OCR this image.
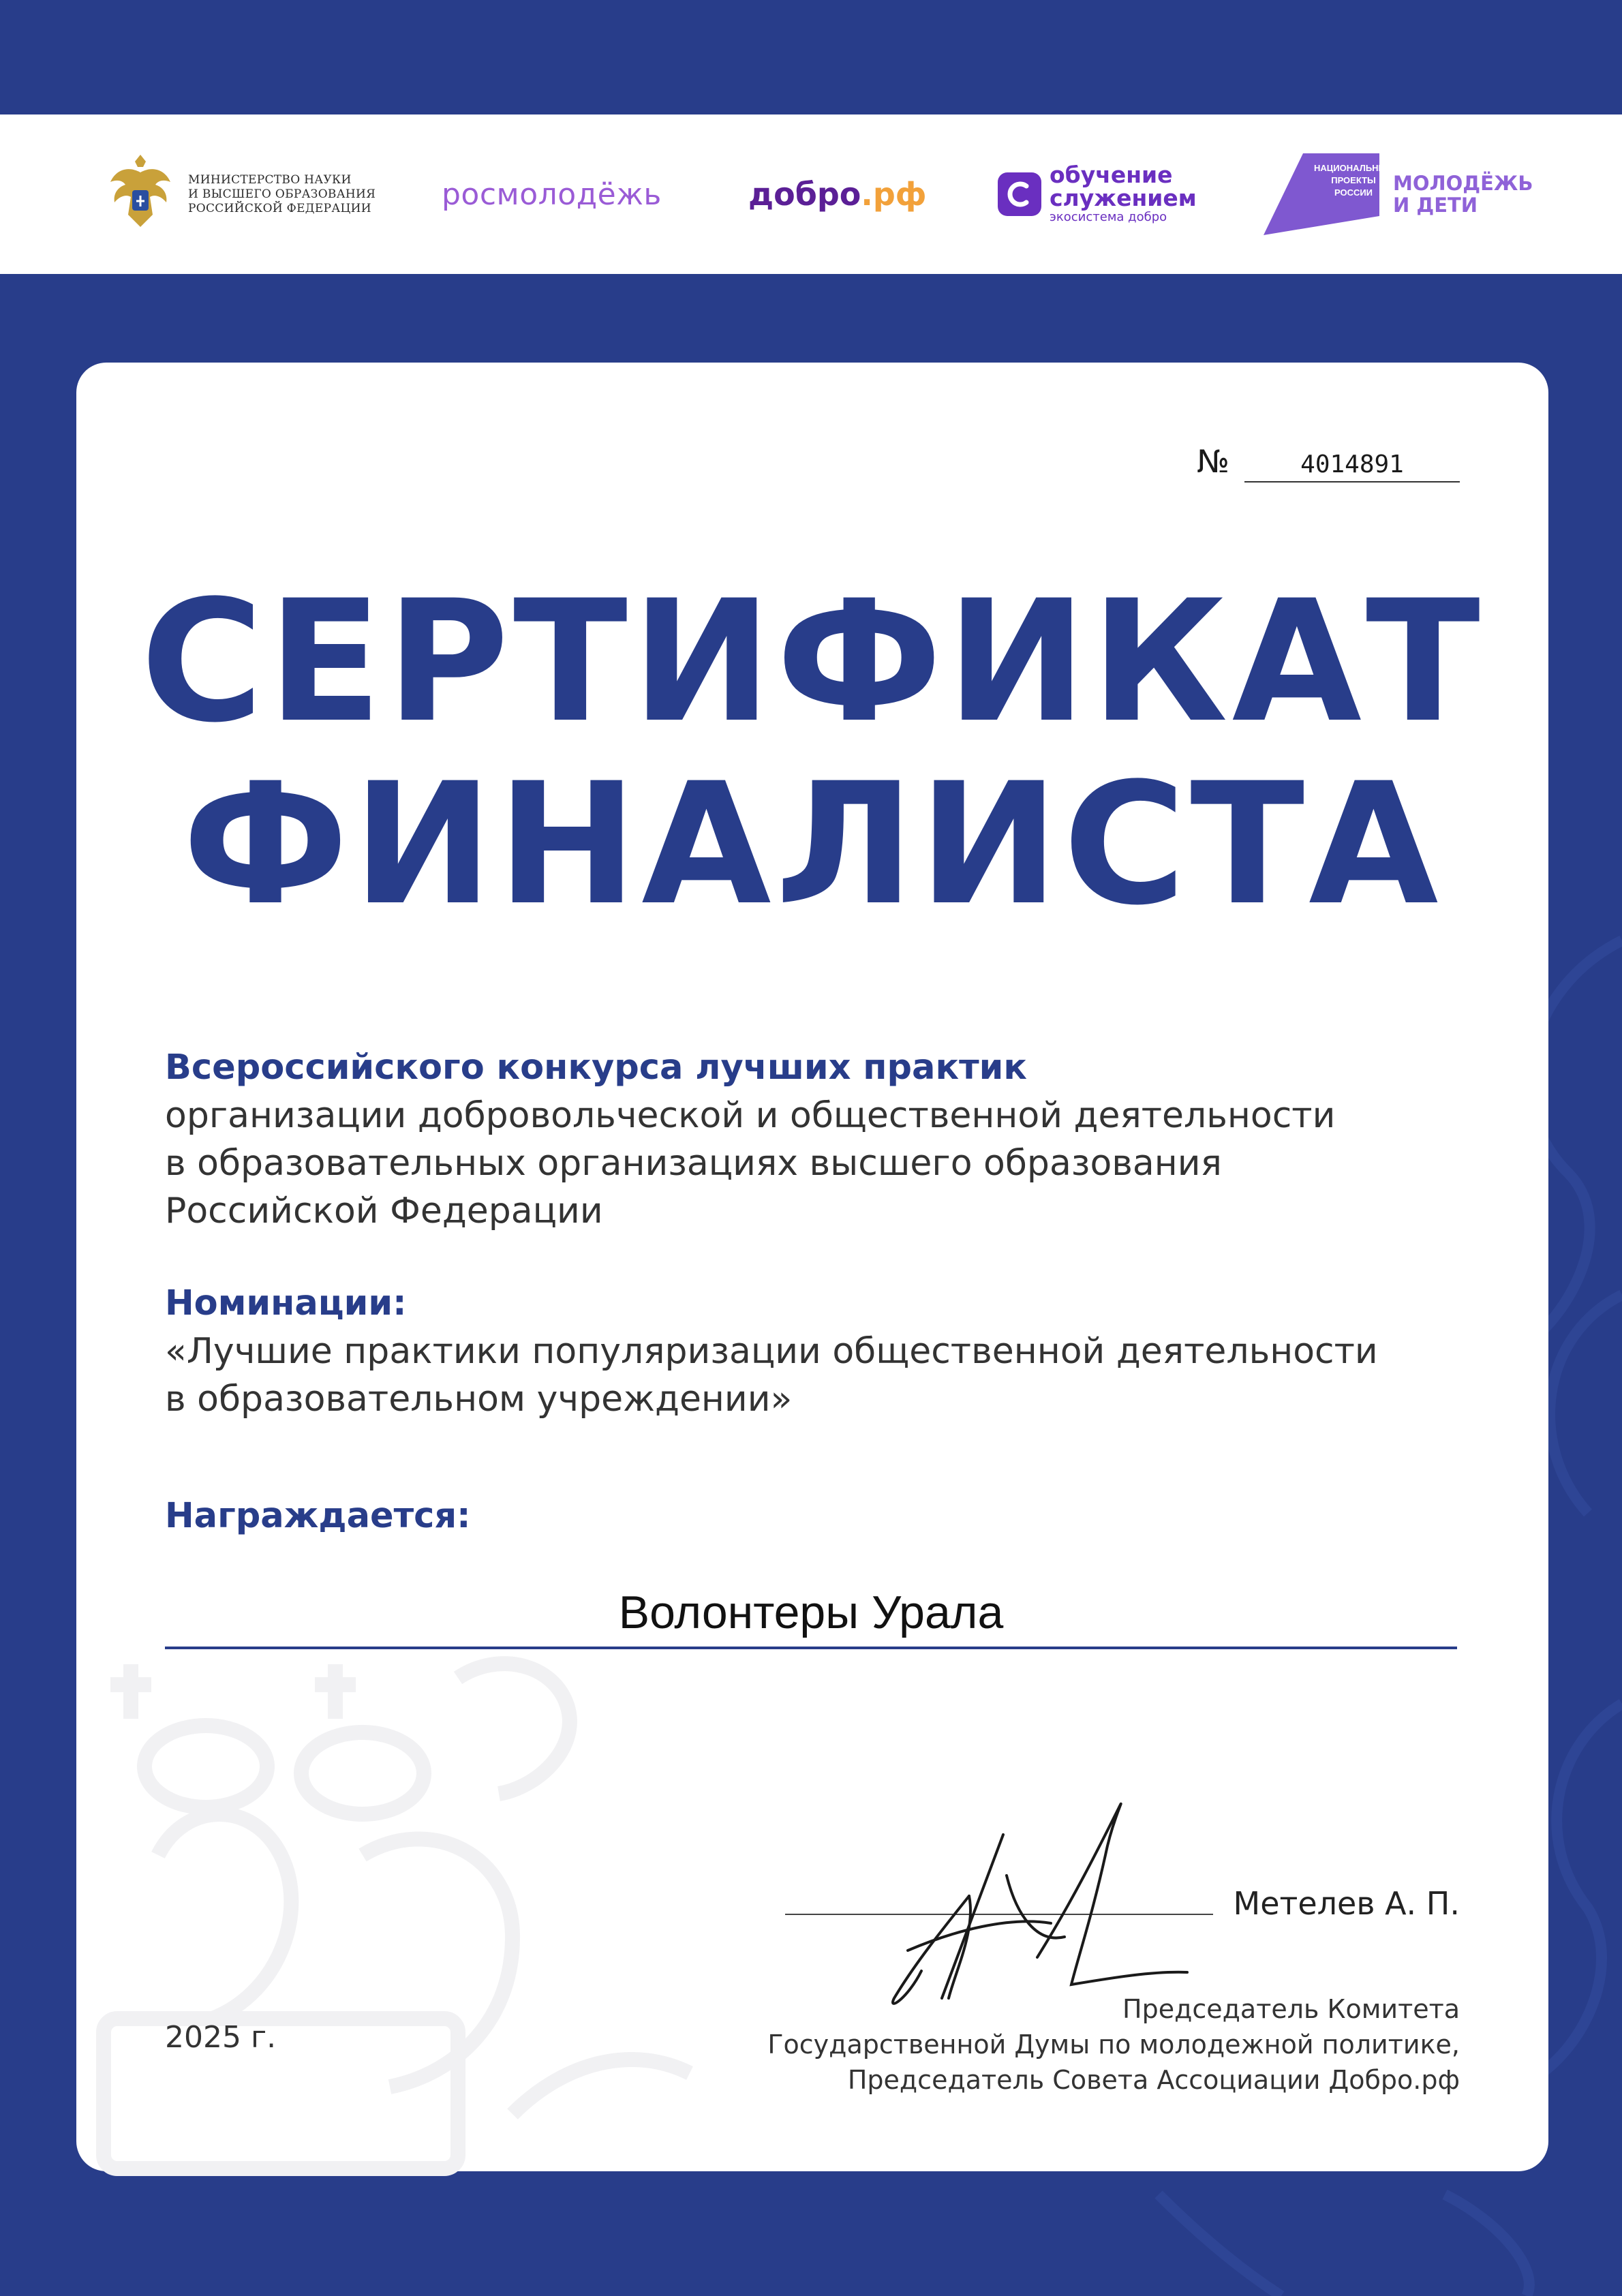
МИНИСТЕРСТВО НАУКИ
И ВЫСШЕГО ОБРАЗОВАНИЯ
РОССИЙСКОЙ ФЕДЕРАЦИИ росмолодёжь	добро .рф
обучение
служением
экосистема добро
НАЦИОНАЛЬНЫЕ
ПРОЕКТЫ
РОССИИ МОЛОДЁЖЬ
И ДЕТИ
№	4014891
СЕРТИФИКАТ
ФИНАЛИСТА
Всероссийского конкурса лучших практик
организации добровольческой и общественной деятельности
в образовательных организациях высшего образования
Российской Федерации
Номинации:
«Лучшие практики популяризации общественной деятельности
в образовательном учреждении»
Награждается:
Волонтеры Урала
Метелев А. П.
Председатель Комитета
Государственной Думы по молодежной политике,
Председатель Совета Ассоциации Добро.рф
2025 г.
